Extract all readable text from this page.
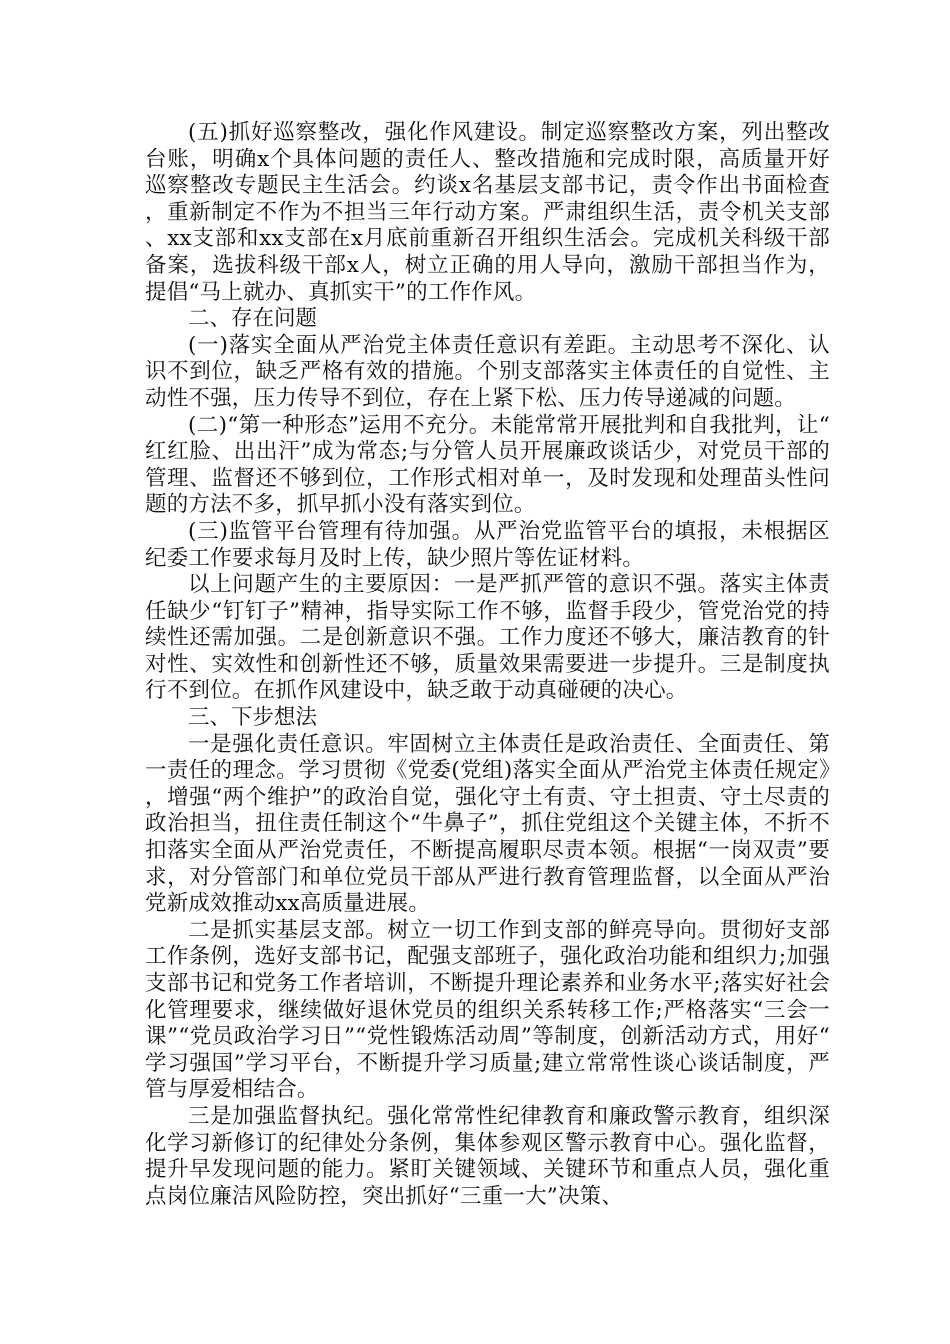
(五)抓好巡察整改，强化作风建设。制定巡察整改方案，列出整改台账，明确x个具体问题的责任人、整改措施和完成时限，高质量开好巡察整改专题民主生活会。约谈x名基层支部书记，责令作出书面检查，重新制定不作为不担当三年行动方案。严肃组织生活，责令机关支部、xx支部和xx支部在x月底前重新召开组织生活会。完成机关科级干部备案，选拔科级干部x人，树立正确的用人导向，激励干部担当作为，提倡“马上就办、真抓实干”的工作作风。

二、存在问题

(一)落实全面从严治党主体责任意识有差距。主动思考不深化、认识不到位，缺乏严格有效的措施。个别支部落实主体责任的自觉性、主动性不强，压力传导不到位，存在上紧下松、压力传导递减的问题。

(二)“第一种形态”运用不充分。未能常常开展批判和自我批判，让“红红脸、出出汗”成为常态;与分管人员开展廉政谈话少，对党员干部的管理、监督还不够到位，工作形式相对单一，及时发现和处理苗头性问题的方法不多，抓早抓小没有落实到位。

(三)监管平台管理有待加强。从严治党监管平台的填报，未根据区纪委工作要求每月及时上传，缺少照片等佐证材料。

以上问题产生的主要原因：一是严抓严管的意识不强。落实主体责任缺少“钉钉子”精神，指导实际工作不够，监督手段少，管党治党的持续性还需加强。二是创新意识不强。工作力度还不够大，廉洁教育的针对性、实效性和创新性还不够，质量效果需要进一步提升。三是制度执行不到位。在抓作风建设中，缺乏敢于动真碰硬的决心。

三、下步想法

一是强化责任意识。牢固树立主体责任是政治责任、全面责任、第一责任的理念。学习贯彻《党委(党组)落实全面从严治党主体责任规定》，增强“两个维护”的政治自觉，强化守土有责、守土担责、守土尽责的政治担当，扭住责任制这个“牛鼻子”，抓住党组这个关键主体，不折不扣落实全面从严治党责任，不断提高履职尽责本领。根据“一岗双责”要求，对分管部门和单位党员干部从严进行教育管理监督，以全面从严治党新成效推动xx高质量进展。

二是抓实基层支部。树立一切工作到支部的鲜亮导向。贯彻好支部工作条例，选好支部书记，配强支部班子，强化政治功能和组织力;加强支部书记和党务工作者培训，不断提升理论素养和业务水平;落实好社会化管理要求，继续做好退休党员的组织关系转移工作;严格落实“三会一课”“党员政治学习日”“党性锻炼活动周”等制度，创新活动方式，用好“学习强国”学习平台，不断提升学习质量;建立常常性谈心谈话制度，严管与厚爱相结合。

三是加强监督执纪。强化常常性纪律教育和廉政警示教育，组织深化学习新修订的纪律处分条例，集体参观区警示教育中心。强化监督，提升早发现问题的能力。紧盯关键领域、关键环节和重点人员，强化重点岗位廉洁风险防控，突出抓好“三重一大”决策、
